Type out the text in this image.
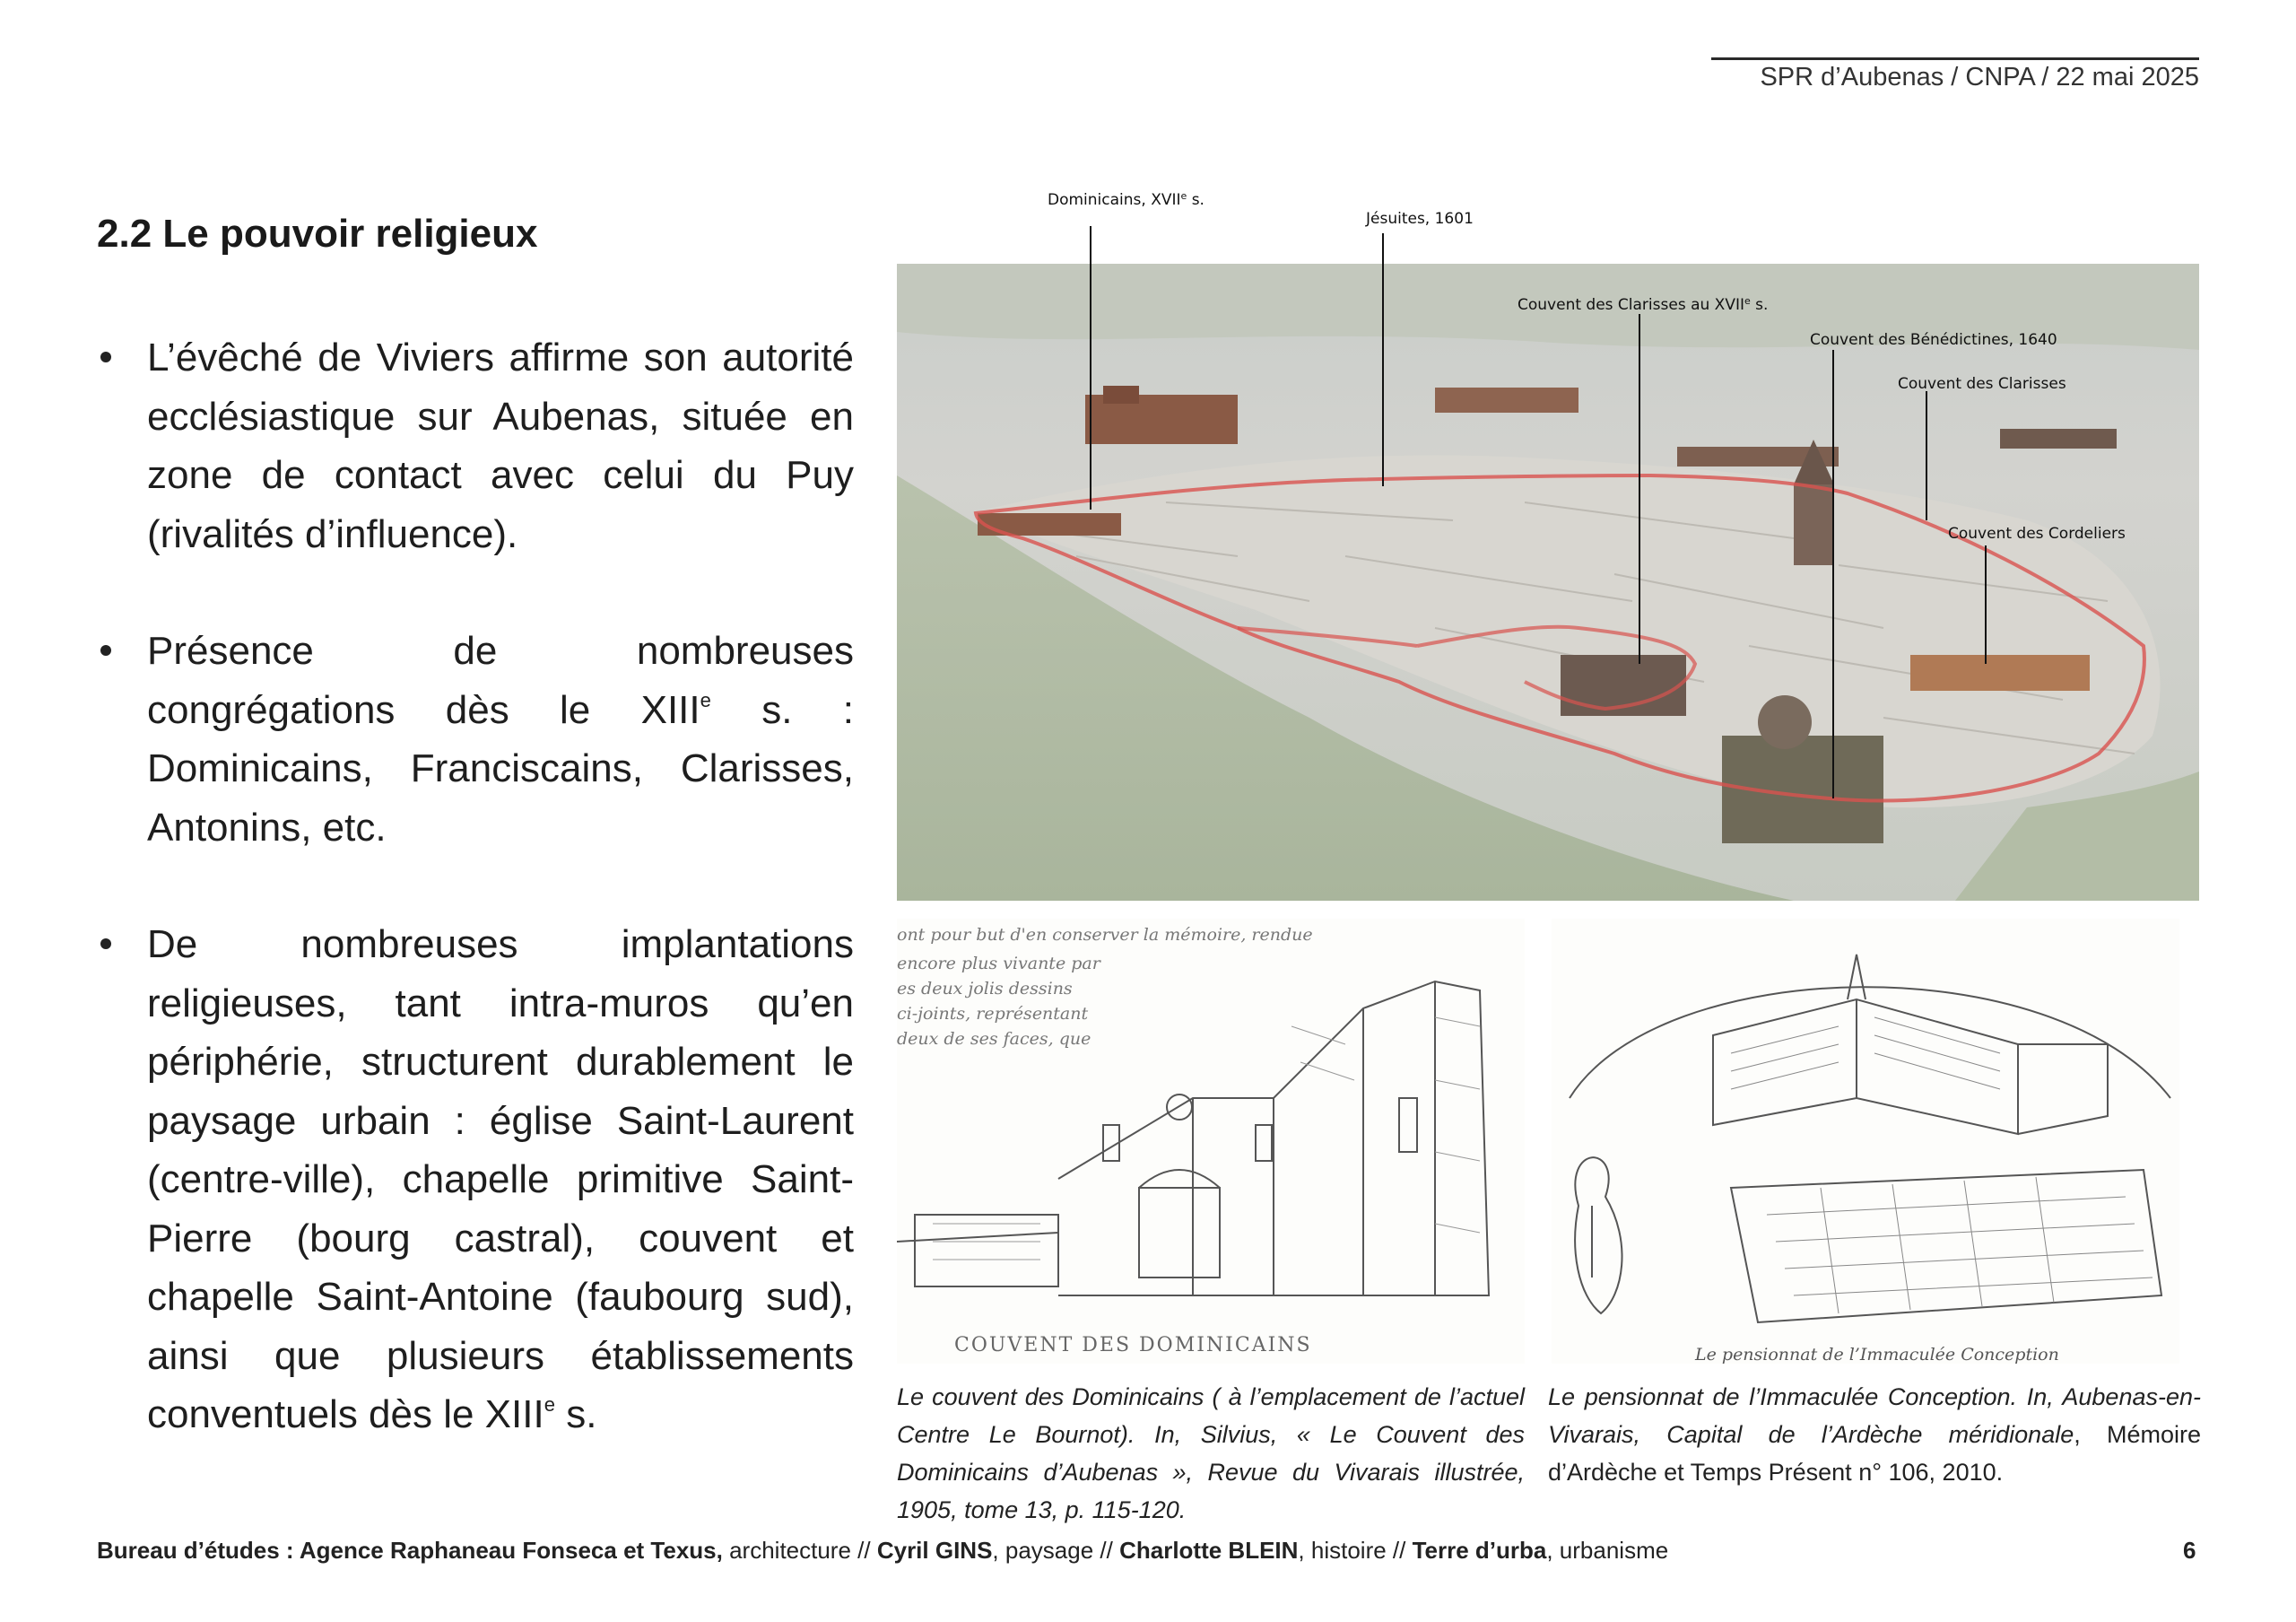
SPR d’Aubenas / CNPA / 22 mai 2025
2.2 Le pouvoir religieux
L’évêché de Viviers affirme son autorité ecclésiastique sur Aubenas, située en zone de contact avec celui du Puy (rivalités d’influence).
Présence de nombreuses congrégations dès le XIIIe s. : Dominicains, Franciscains, Clarisses, Antonins, etc.
De nombreuses implantations religieuses, tant intra-muros qu’en périphérie, structurent durablement le paysage urbain : église Saint-Laurent (centre-ville), chapelle primitive Saint-Pierre (bourg castral), couvent et chapelle Saint-Antoine (faubourg sud), ainsi que plusieurs établissements conventuels dès le XIIIe s.
Dominicains, XVIIe s.
Jésuites, 1601
Couvent des Clarisses au XVIIe s.
Couvent des Bénédictines, 1640
Couvent des Clarisses
Couvent des Cordeliers
ont pour but d'en conserver la mémoire, rendue
encore plus vivante par
es deux jolis dessins
ci-joints, représentant
deux de ses faces, que
COUVENT DES DOMINICAINS	Le pensionnat de l’Immaculée Conception
Le couvent des Dominicains ( à l’emplacement de l’actuel Centre Le Bournot). In, Silvius, « Le Couvent des Dominicains d’Aubenas », Revue du Vivarais illustrée, 1905, tome 13, p. 115-120.
Le pensionnat de l’Immaculée Conception. In, Aubenas-en-Vivarais, Capital de l’Ardèche méridionale, Mémoire d’Ardèche et Temps Présent n° 106, 2010.
Bureau d’études : Agence Raphaneau Fonseca et Texus, architecture // Cyril GINS, paysage // Charlotte BLEIN, histoire // Terre d’urba, urbanisme	6
